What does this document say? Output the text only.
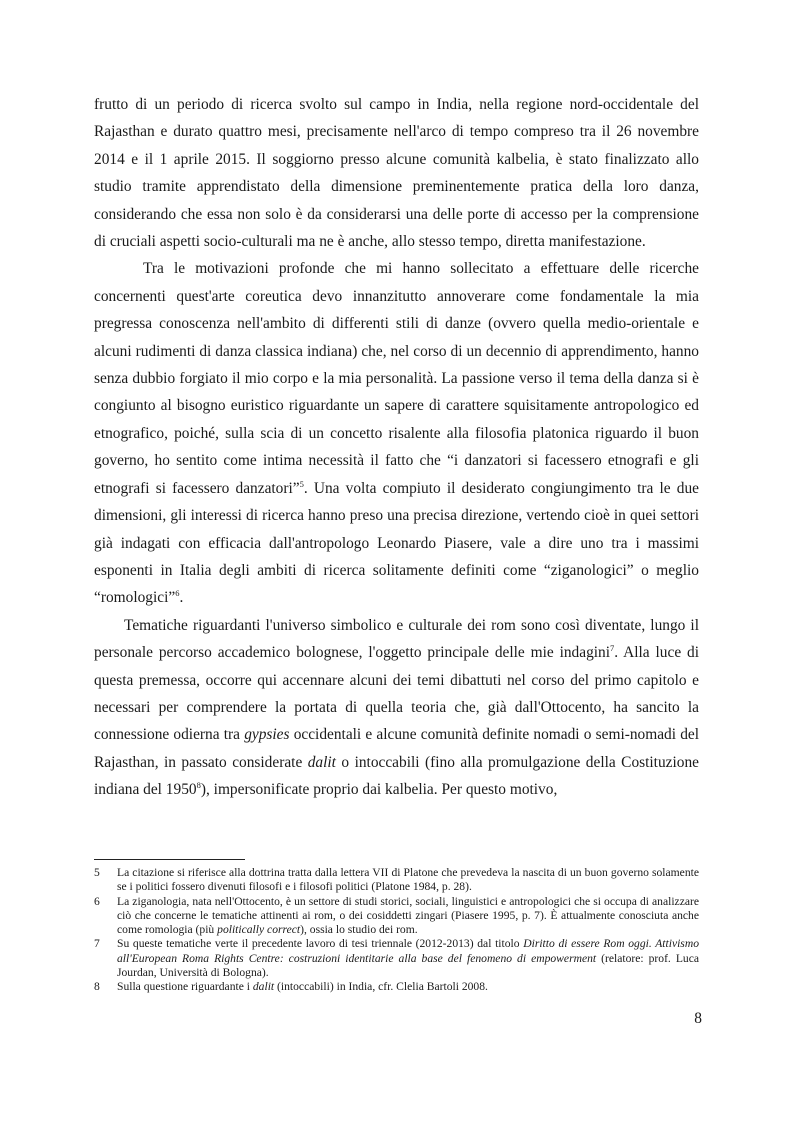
frutto di un periodo di ricerca svolto sul campo in India, nella regione nord-occidentale del Rajasthan e durato quattro mesi, precisamente nell'arco di tempo compreso tra il 26 novembre 2014 e il 1 aprile 2015. Il soggiorno presso alcune comunità kalbelia, è stato finalizzato allo studio tramite apprendistato della dimensione preminentemente pratica della loro danza, considerando che essa non solo è da considerarsi una delle porte di accesso per la comprensione di cruciali aspetti socio-culturali ma ne è anche, allo stesso tempo, diretta manifestazione.

Tra le motivazioni profonde che mi hanno sollecitato a effettuare delle ricerche concernenti quest'arte coreutica devo innanzitutto annoverare come fondamentale la mia pregressa conoscenza nell'ambito di differenti stili di danze (ovvero quella medio-orientale e alcuni rudimenti di danza classica indiana) che, nel corso di un decennio di apprendimento, hanno senza dubbio forgiato il mio corpo e la mia personalità. La passione verso il tema della danza si è congiunto al bisogno euristico riguardante un sapere di carattere squisitamente antropologico ed etnografico, poiché, sulla scia di un concetto risalente alla filosofia platonica riguardo il buon governo, ho sentito come intima necessità il fatto che “i danzatori si facessero etnografi e gli etnografi si facessero danzatori”$^5$. Una volta compiuto il desiderato congiungimento tra le due dimensioni, gli interessi di ricerca hanno preso una precisa direzione, vertendo cioè in quei settori già indagati con efficacia dall'antropologo Leonardo Piasere, vale a dire uno tra i massimi esponenti in Italia degli ambiti di ricerca solitamente definiti come “ziganologici” o meglio “romologici”$^6$.

Tematiche riguardanti l'universo simbolico e culturale dei rom sono così diventate, lungo il personale percorso accademico bolognese, l'oggetto principale delle mie indagini$^7$. Alla luce di questa premessa, occorre qui accennare alcuni dei temi dibattuti nel corso del primo capitolo e necessari per comprendere la portata di quella teoria che, già dall'Ottocento, ha sancito la connessione odierna tra gypsies occidentali e alcune comunità definite nomadi o semi-nomadi del Rajasthan, in passato considerate dalit o intoccabili (fino alla promulgazione della Costituzione indiana del 1950$^8$), impersonificate proprio dai kalbelia. Per questo motivo,

5	La citazione si riferisce alla dottrina tratta dalla lettera VII di Platone che prevedeva la nascita di un buon governo solamente se i politici fossero divenuti filosofi e i filosofi politici (Platone 1984, p. 28).
6	La ziganologia, nata nell'Ottocento, è un settore di studi storici, sociali, linguistici e antropologici che si occupa di analizzare ciò che concerne le tematiche attinenti ai rom, o dei cosiddetti zingari (Piasere 1995, p. 7). È attualmente conosciuta anche come romologia (più politically correct), ossia lo studio dei rom.
7	Su queste tematiche verte il precedente lavoro di tesi triennale (2012-2013) dal titolo Diritto di essere Rom oggi. Attivismo all'European Roma Rights Centre: costruzioni identitarie alla base del fenomeno di empowerment (relatore: prof. Luca Jourdan, Università di Bologna).
8	Sulla questione riguardante i dalit (intoccabili) in India, cfr. Clelia Bartoli 2008.
8
